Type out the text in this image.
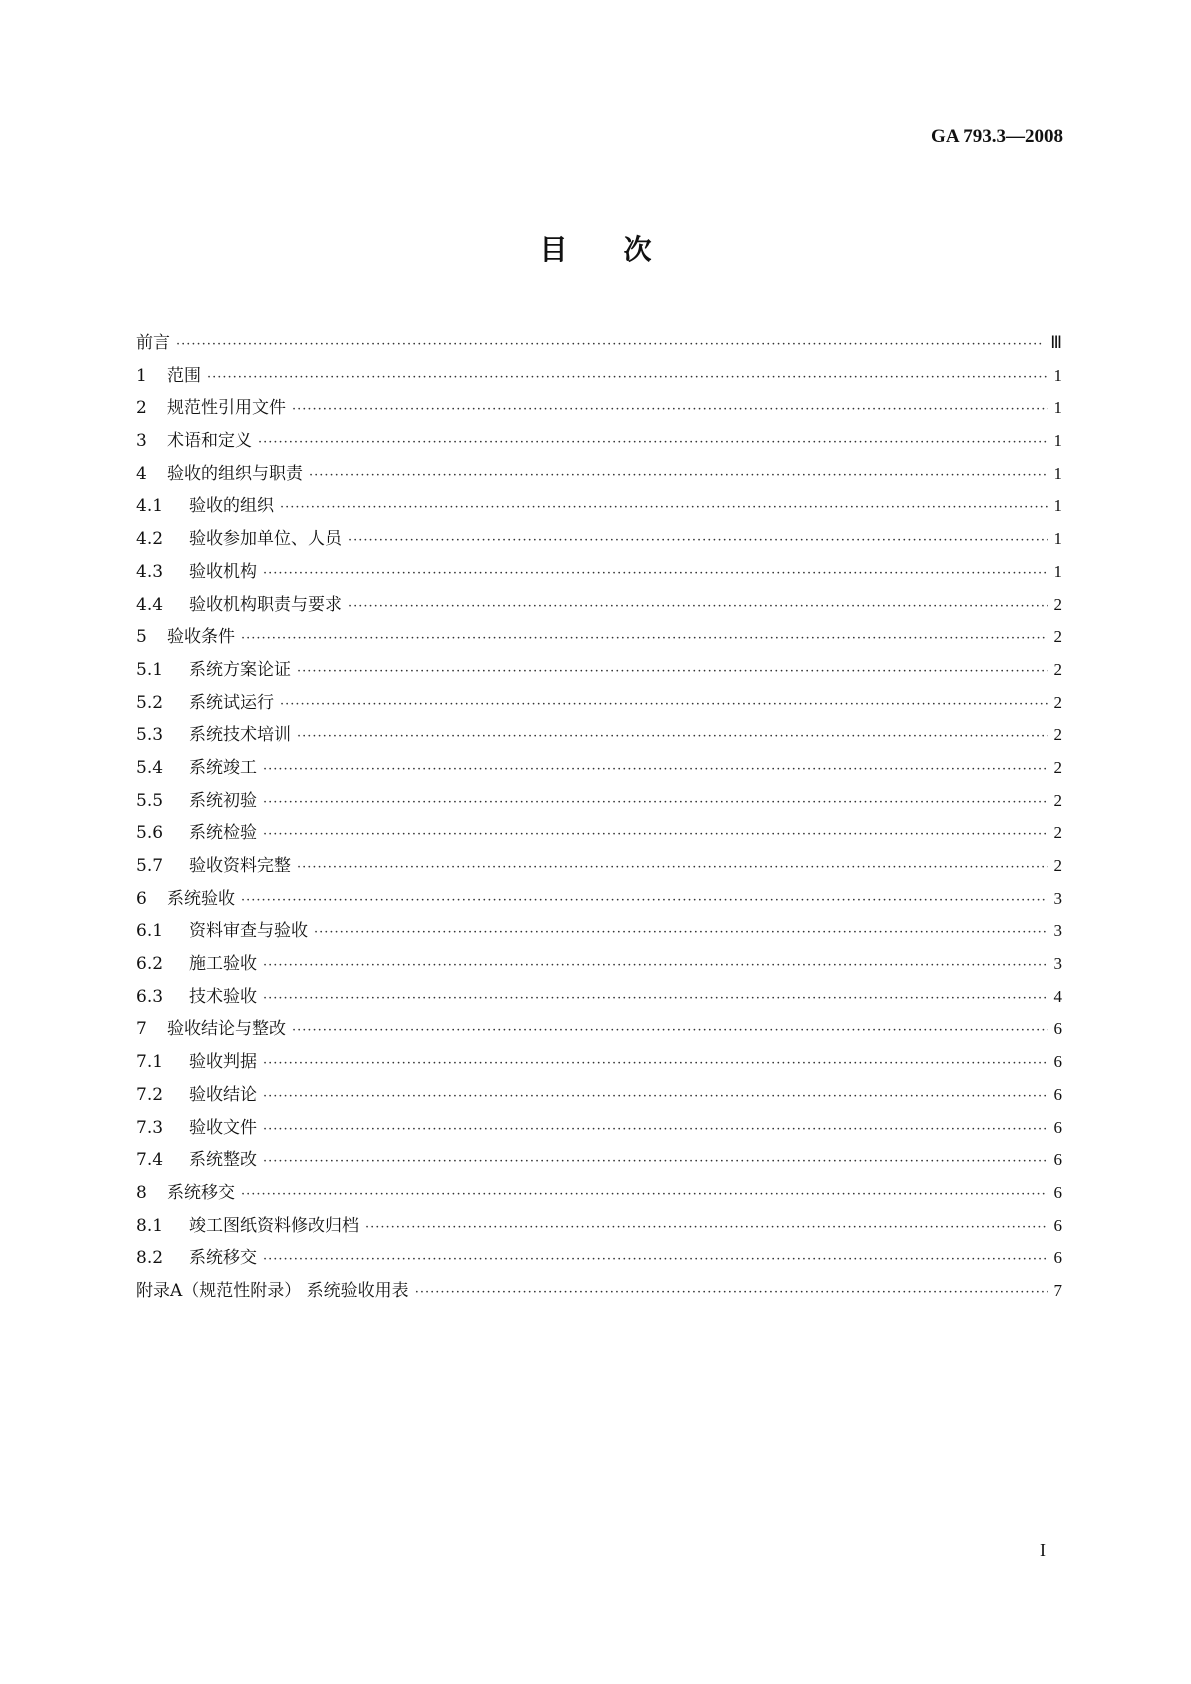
GA 793.3—2008
目次
前言 ·····	Ⅲ
1	范围 ·····	1
2	规范性引用文件 ·····	1
3	术语和定义 ·····	1
4	验收的组织与职责 ·····	1
4.1	验收的组织 ·····	1
4.2	验收参加单位、人员 ·····	1
4.3	验收机构 ·····	1
4.4	验收机构职责与要求 ·····	2
5	验收条件 ·····	2
5.1	系统方案论证 ·····	2
5.2	系统试运行 ·····	2
5.3	系统技术培训 ·····	2
5.4	系统竣工 ·····	2
5.5	系统初验 ·····	2
5.6	系统检验 ·····	2
5.7	验收资料完整 ·····	2
6	系统验收 ·····	3
6.1	资料审查与验收 ·····	3
6.2	施工验收 ·····	3
6.3	技术验收 ·····	4
7	验收结论与整改 ·····	6
7.1	验收判据 ·····	6
7.2	验收结论 ·····	6
7.3	验收文件 ·····	6
7.4	系统整改 ·····	6
8	系统移交 ·····	6
8.1	竣工图纸资料修改归档 ·····	6
8.2	系统移交 ·····	6
附录A（规范性附录） 系统验收用表 ·····	7
I
